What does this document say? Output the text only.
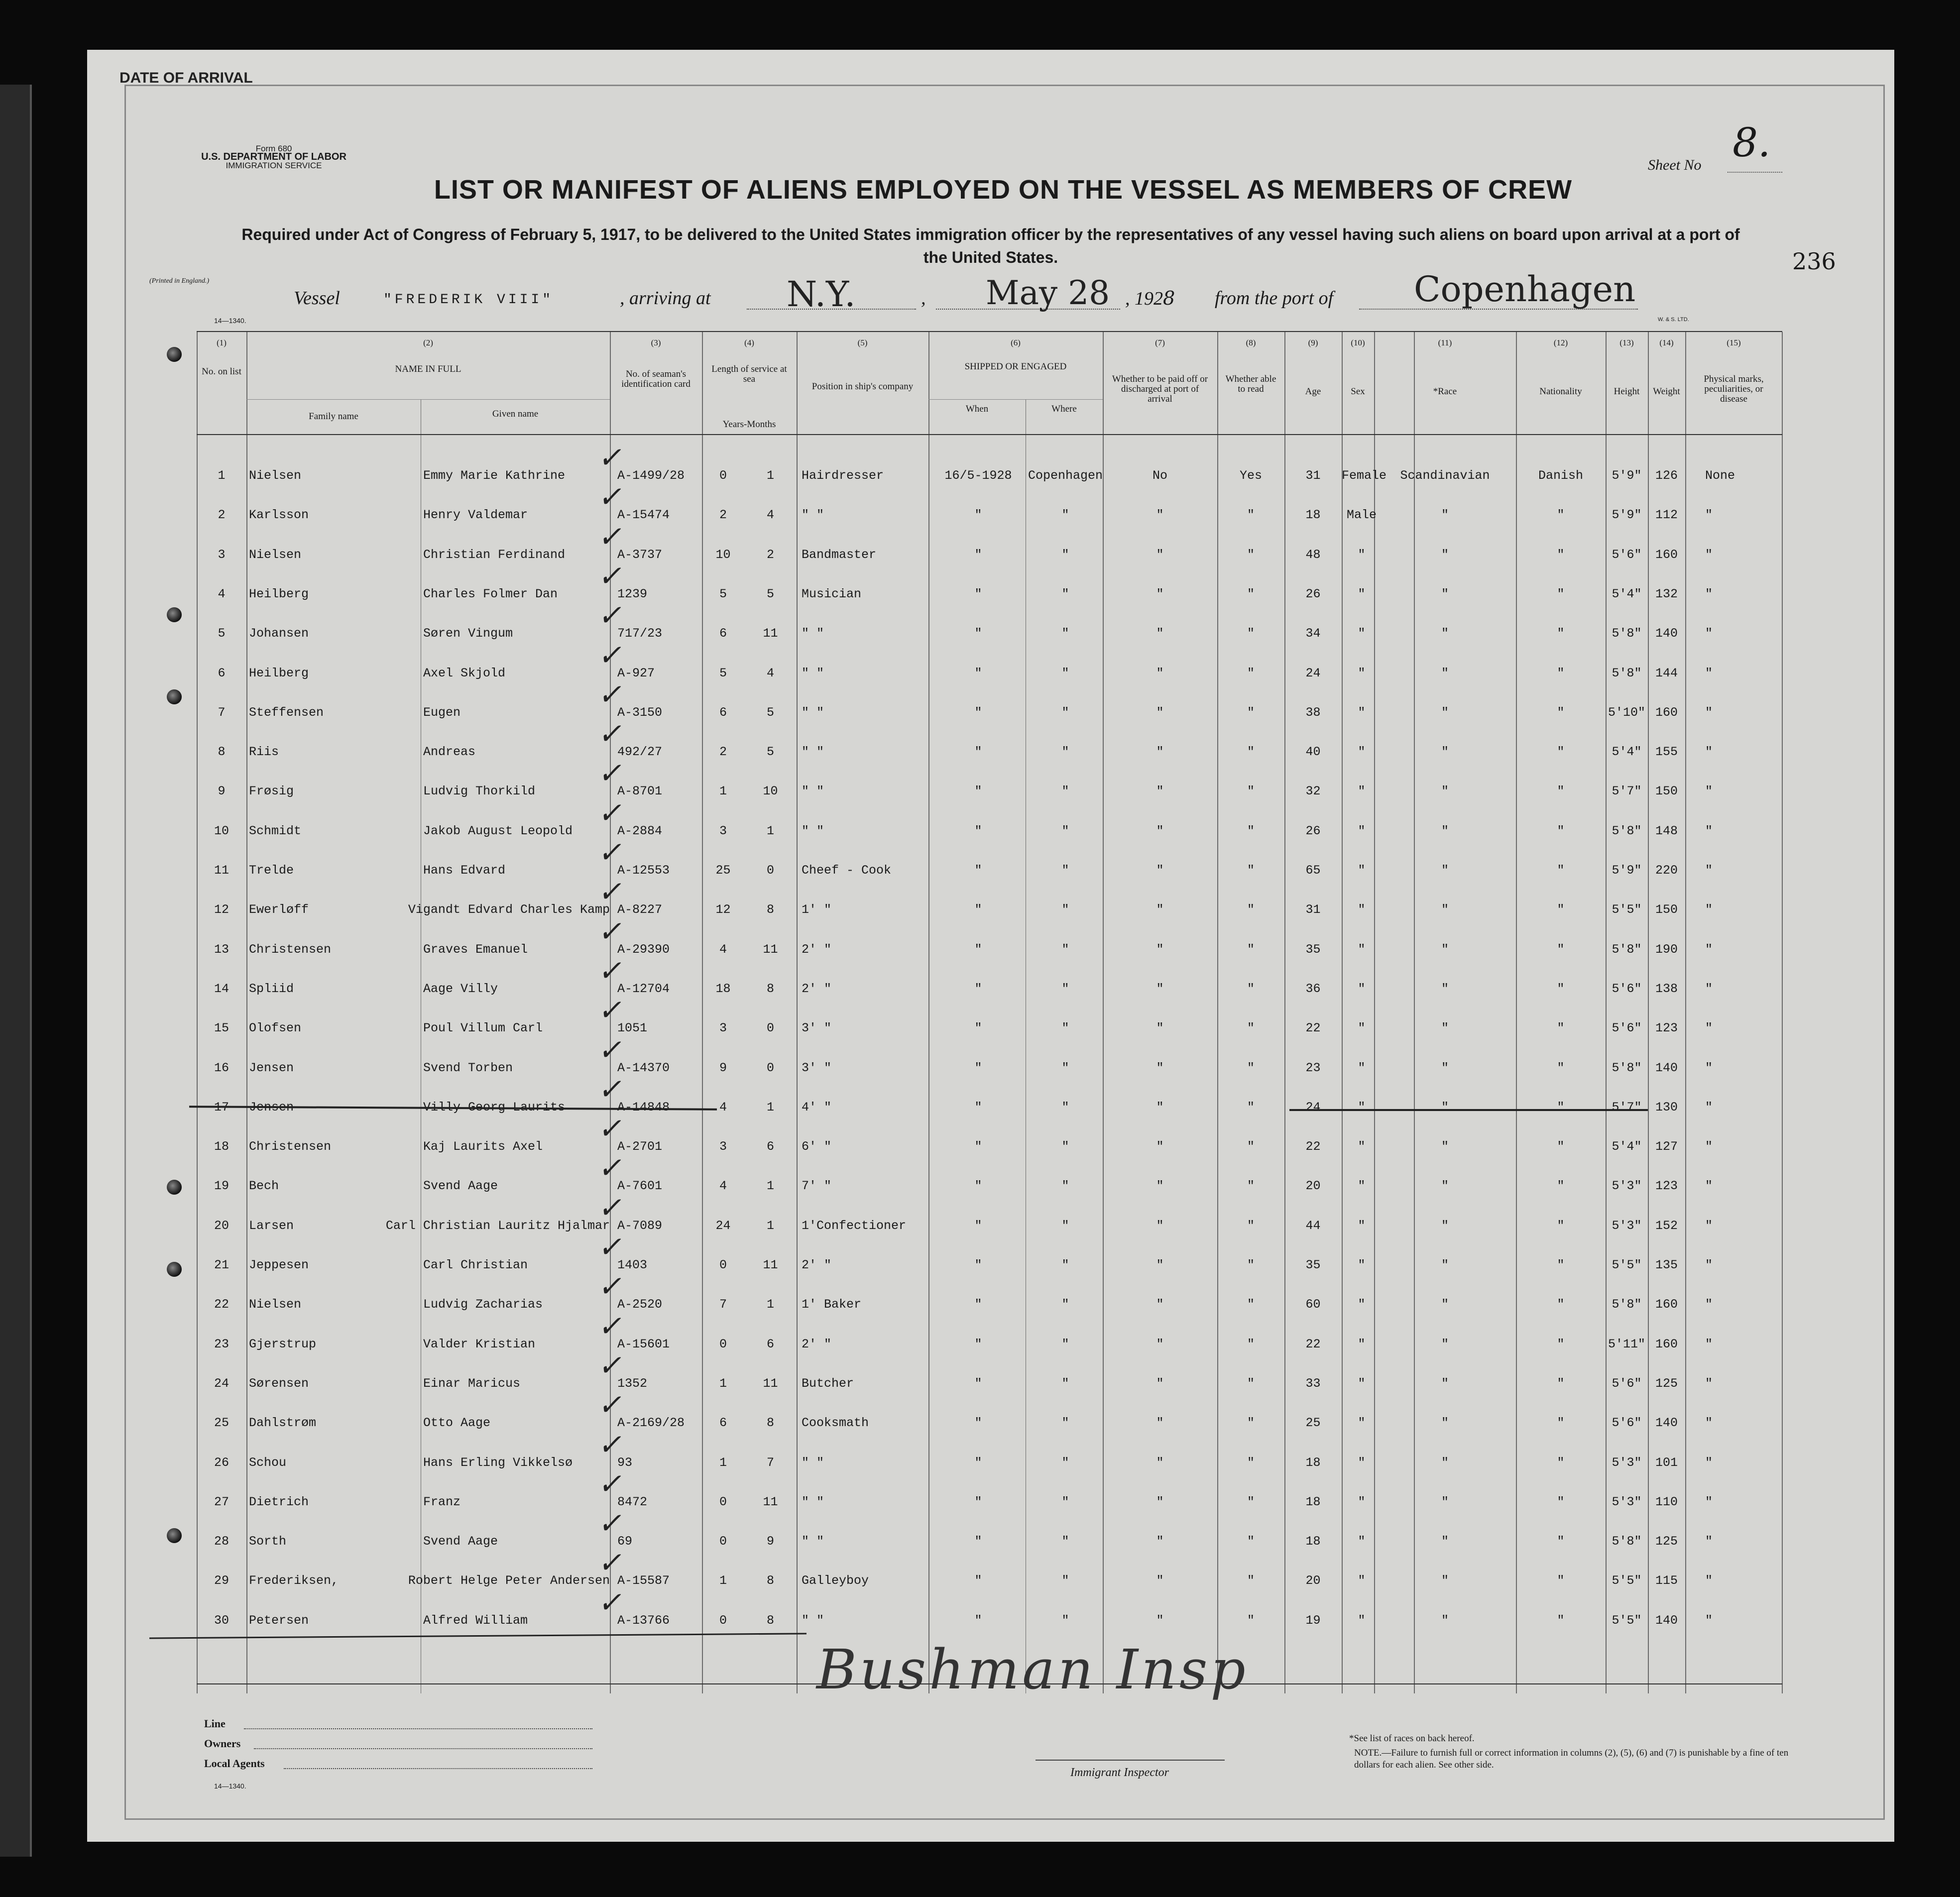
DATE OF ARRIVAL
Form 680
U.S. DEPARTMENT OF LABOR
IMMIGRATION SERVICE	Sheet No 8.
LIST OR MANIFEST OF ALIENS EMPLOYED ON THE VESSEL AS MEMBERS OF CREW
Required under Act of Congress of February 5, 1917, to be delivered to the United States immigration officer by the representatives of any vessel having such aliens on board upon arrival at a port of the United States.	236
(Printed in England.)
14—1340.	W. & S. LTD.
Vessel	"FREDERIK VIII"	, arriving at N.Y.	, May 28 , 1928 from the port of Copenhagen
(1)	(2)	(3)	(4)	(5)	(6)	(7)	(8)	(9)	(10)	(11)	(12)	(13)	(14)	(15)
No. on list	NAME IN FULL
Family name	Given name
No. of seaman's identification card
Length of service at sea
Years-Months
Position in ship's company
SHIPPED OR ENGAGED
When	Where
Whether to be paid off or discharged at port of arrival
Whether able to read	Age	Sex	*Race	Nationality	Height	Weight
Physical marks, peculiarities, or disease
1	Nielsen	Emmy Marie Kathrine	A-1499/28	0	1	Hairdresser	16/5-1928	Copenhagen	No	Yes	31	Female	Scandinavian	Danish	5'9"	126	None
✓
2	Karlsson	Henry Valdemar	A-15474	2	4	" "	"	"	"	"	18	Male	"	"	5'9"	112	"
✓
3	Nielsen	Christian Ferdinand	A-3737	10	2	Bandmaster	"	"	"	"	48	"	"	"	5'6"	160	"
✓
4	Heilberg	Charles Folmer Dan	1239	5	5	Musician	"	"	"	"	26	"	"	"	5'4"	132	"
✓
5	Johansen	Søren Vingum	717/23	6	11	" "	"	"	"	"	34	"	"	"	5'8"	140	"
✓
6	Heilberg	Axel Skjold	A-927	5	4	" "	"	"	"	"	24	"	"	"	5'8"	144	"
✓
7	Steffensen	Eugen	A-3150	6	5	" "	"	"	"	"	38	"	"	"	5'10" 160	"
✓
8	Riis	Andreas	492/27	2	5	" "	"	"	"	"	40	"	"	"	5'4"	155	"
✓
9	Frøsig	Ludvig Thorkild	A-8701	1	10	" "	"	"	"	"	32	"	"	"	5'7"	150	"
✓
10	Schmidt	Jakob August Leopold	A-2884	3	1	" "	"	"	"	"	26	"	"	"	5'8"	148	"
✓
11	Trelde	Hans Edvard	A-12553	25	0	Cheef - Cook	"	"	"	"	65	"	"	"	5'9"	220	"
✓
12	Ewerløff	Vigandt Edvard Charles Kamp A-8227	12	8	1' "	"	"	"	"	31	"	"	"	5'5"	150	"
✓
13	Christensen	Graves Emanuel	A-29390	4	11	2' "	"	"	"	"	35	"	"	"	5'8"	190	"
✓
14	Spliid	Aage Villy	A-12704	18	8	2' "	"	"	"	"	36	"	"	"	5'6"	138	"
✓
15	Olofsen	Poul Villum Carl	1051	3	0	3' "	"	"	"	"	22	"	"	"	5'6"	123	"
✓
16	Jensen	Svend Torben	A-14370	9	0	3' "	"	"	"	"	23	"	"	"	5'8"	140	"
✓
17	Jensen	Villy Georg Laurits	A-14848	4	1	4' "	"	"	"	"	24	"	"	"	5'7"	130	"
✓
18	Christensen	Kaj Laurits Axel	A-2701	3	6	6' "	"	"	"	"	22	"	"	"	5'4"	127	"
✓
19	Bech	Svend Aage	A-7601	4	1	7' "	"	"	"	"	20	"	"	"	5'3"	123	"
✓
20	Larsen	Carl Christian Lauritz Hjalmar A-7089	24	1	1'Confectioner	"	"	"	"	44	"	"	"	5'3"	152	"
✓
21	Jeppesen	Carl Christian	1403	0	11	2' "	"	"	"	"	35	"	"	"	5'5"	135	"
✓
22	Nielsen	Ludvig Zacharias	A-2520	7	1	1' Baker	"	"	"	"	60	"	"	"	5'8"	160	"
✓
23	Gjerstrup	Valder Kristian	A-15601	0	6	2' "	"	"	"	"	22	"	"	"	5'11" 160	"
✓
24	Sørensen	Einar Maricus	1352	1	11	Butcher	"	"	"	"	33	"	"	"	5'6"	125	"
✓
25	Dahlstrøm	Otto Aage	A-2169/28	6	8	Cooksmath	"	"	"	"	25	"	"	"	5'6"	140	"
✓
26	Schou	Hans Erling Vikkelsø	93	1	7	" "	"	"	"	"	18	"	"	"	5'3"	101	"
✓
27	Dietrich	Franz	8472	0	11	" "	"	"	"	"	18	"	"	"	5'3"	110	"
✓
28	Sorth	Svend Aage	69	0	9	" "	"	"	"	"	18	"	"	"	5'8"	125	"
✓
29	Frederiksen,	Robert Helge Peter Andersen A-15587	1	8	Galleyboy	"	"	"	"	20	"	"	"	5'5"	115	"
✓
30	Petersen	Alfred William	A-13766	0	8	" "	"	"	"	"	19	"	"	"	5'5"	140	"
✓
Bushman Insp
Line
Owners
Local Agents
Immigrant Inspector
*See list of races on back hereof.
NOTE.—Failure to furnish full or correct information in columns (2), (5), (6) and (7) is punishable by a fine of ten dollars for each alien. See other side.
14—1340.
